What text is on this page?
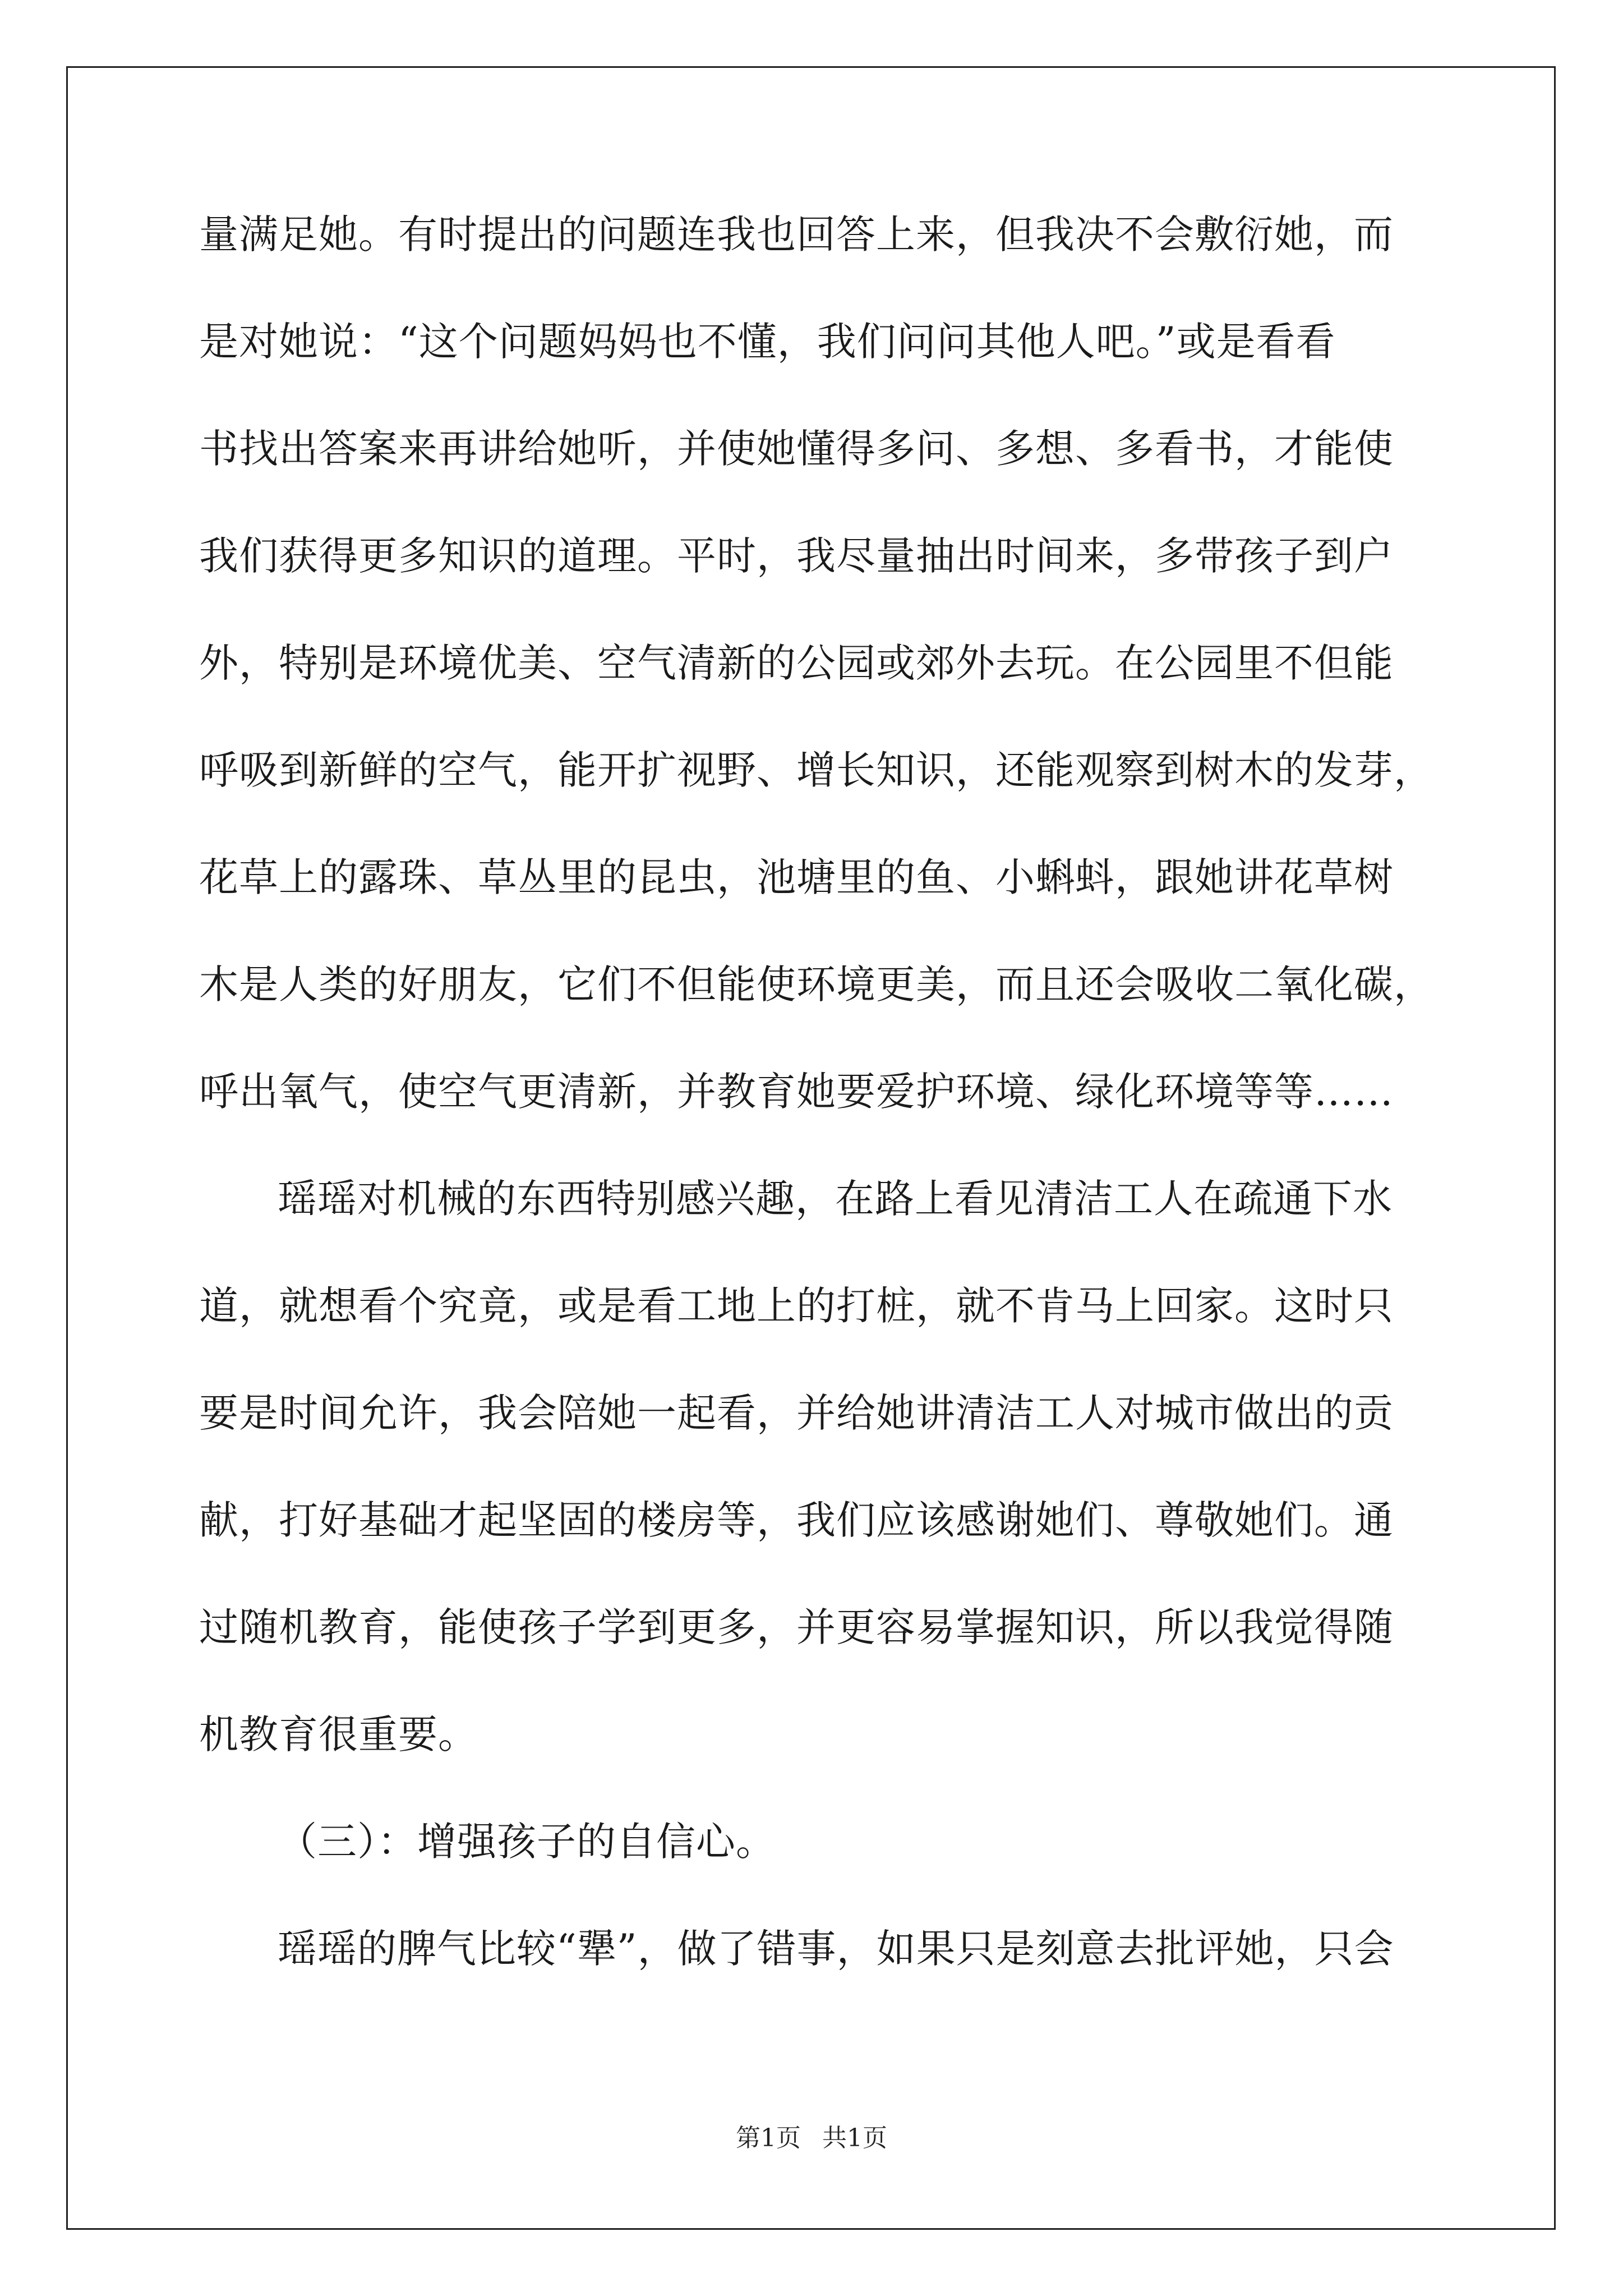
量满足她。有时提出的问题连我也回答上来，但我决不会敷衍她，而
是对她说：“这个问题妈妈也不懂，我们问问其他人吧。”或是看看
书找出答案来再讲给她听，并使她懂得多问、多想、多看书，才能使
我们获得更多知识的道理。平时，我尽量抽出时间来，多带孩子到户
外，特别是环境优美、空气清新的公园或郊外去玩。在公园里不但能
呼吸到新鲜的空气，能开扩视野、增长知识，还能观察到树木的发芽，
花草上的露珠、草丛里的昆虫，池塘里的鱼、小蝌蚪，跟她讲花草树
木是人类的好朋友，它们不但能使环境更美，而且还会吸收二氧化碳，
呼出氧气，使空气更清新，并教育她要爱护环境、绿化环境等等……
瑶瑶对机械的东西特别感兴趣，在路上看见清洁工人在疏通下水
道，就想看个究竟，或是看工地上的打桩，就不肯马上回家。这时只
要是时间允许，我会陪她一起看，并给她讲清洁工人对城市做出的贡
献，打好基础才起坚固的楼房等，我们应该感谢她们、尊敬她们。通
过随机教育，能使孩子学到更多，并更容易掌握知识，所以我觉得随
机教育很重要。
（三）：增强孩子的自信心。
瑶瑶的脾气比较“犟”，做了错事，如果只是刻意去批评她，只会
第1页 共1页
